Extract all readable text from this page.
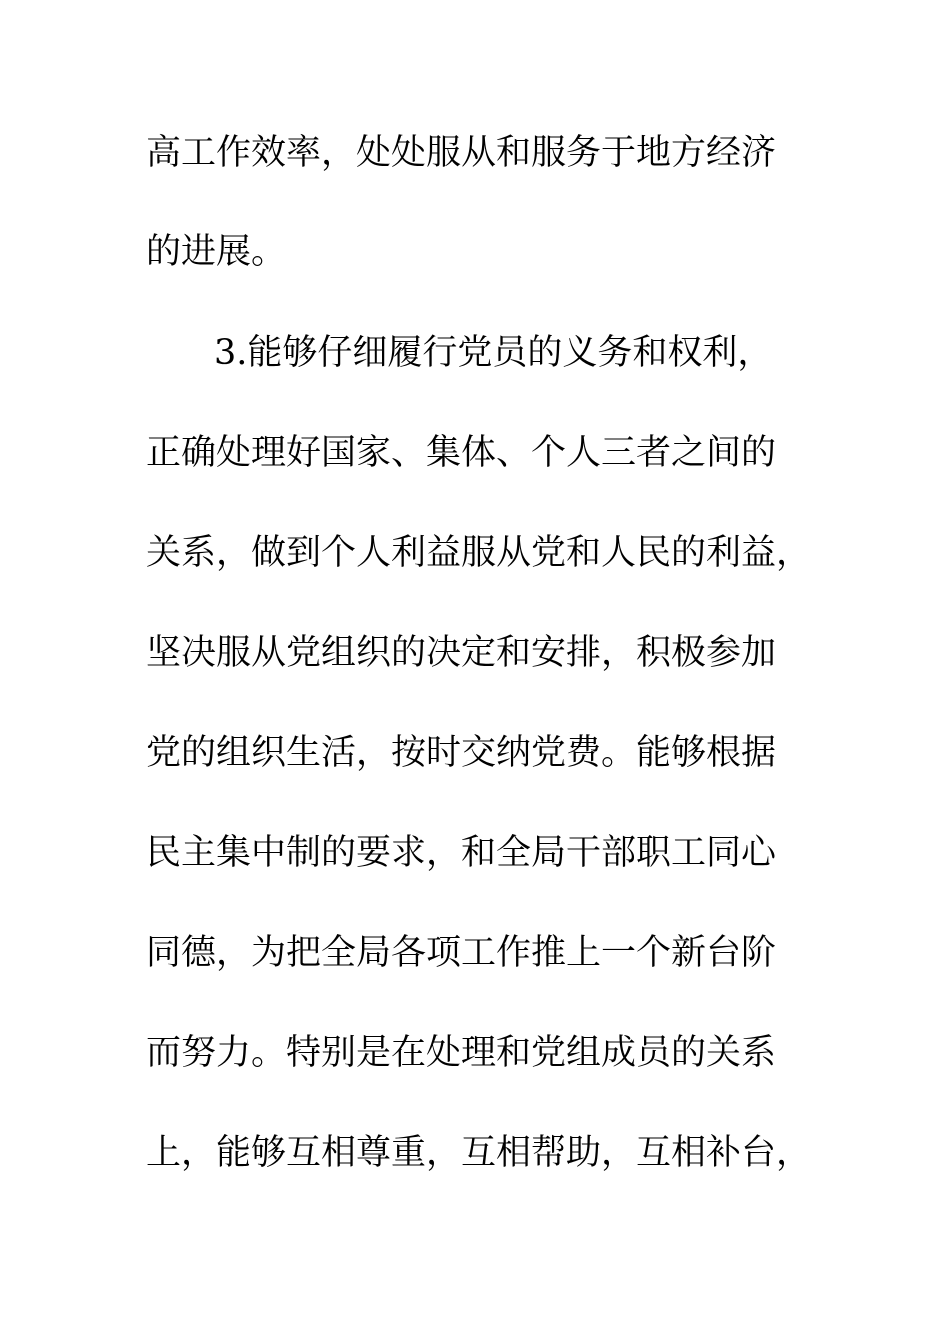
高工作效率，处处服从和服务于地方经济

的进展。

3.能够仔细履行党员的义务和权利，

正确处理好国家、集体、个人三者之间的

关系，做到个人利益服从党和人民的利益，

坚决服从党组织的决定和安排，积极参加

党的组织生活，按时交纳党费。能够根据

民主集中制的要求，和全局干部职工同心

同德，为把全局各项工作推上一个新台阶

而努力。特别是在处理和党组成员的关系

上，能够互相尊重，互相帮助，互相补台，
